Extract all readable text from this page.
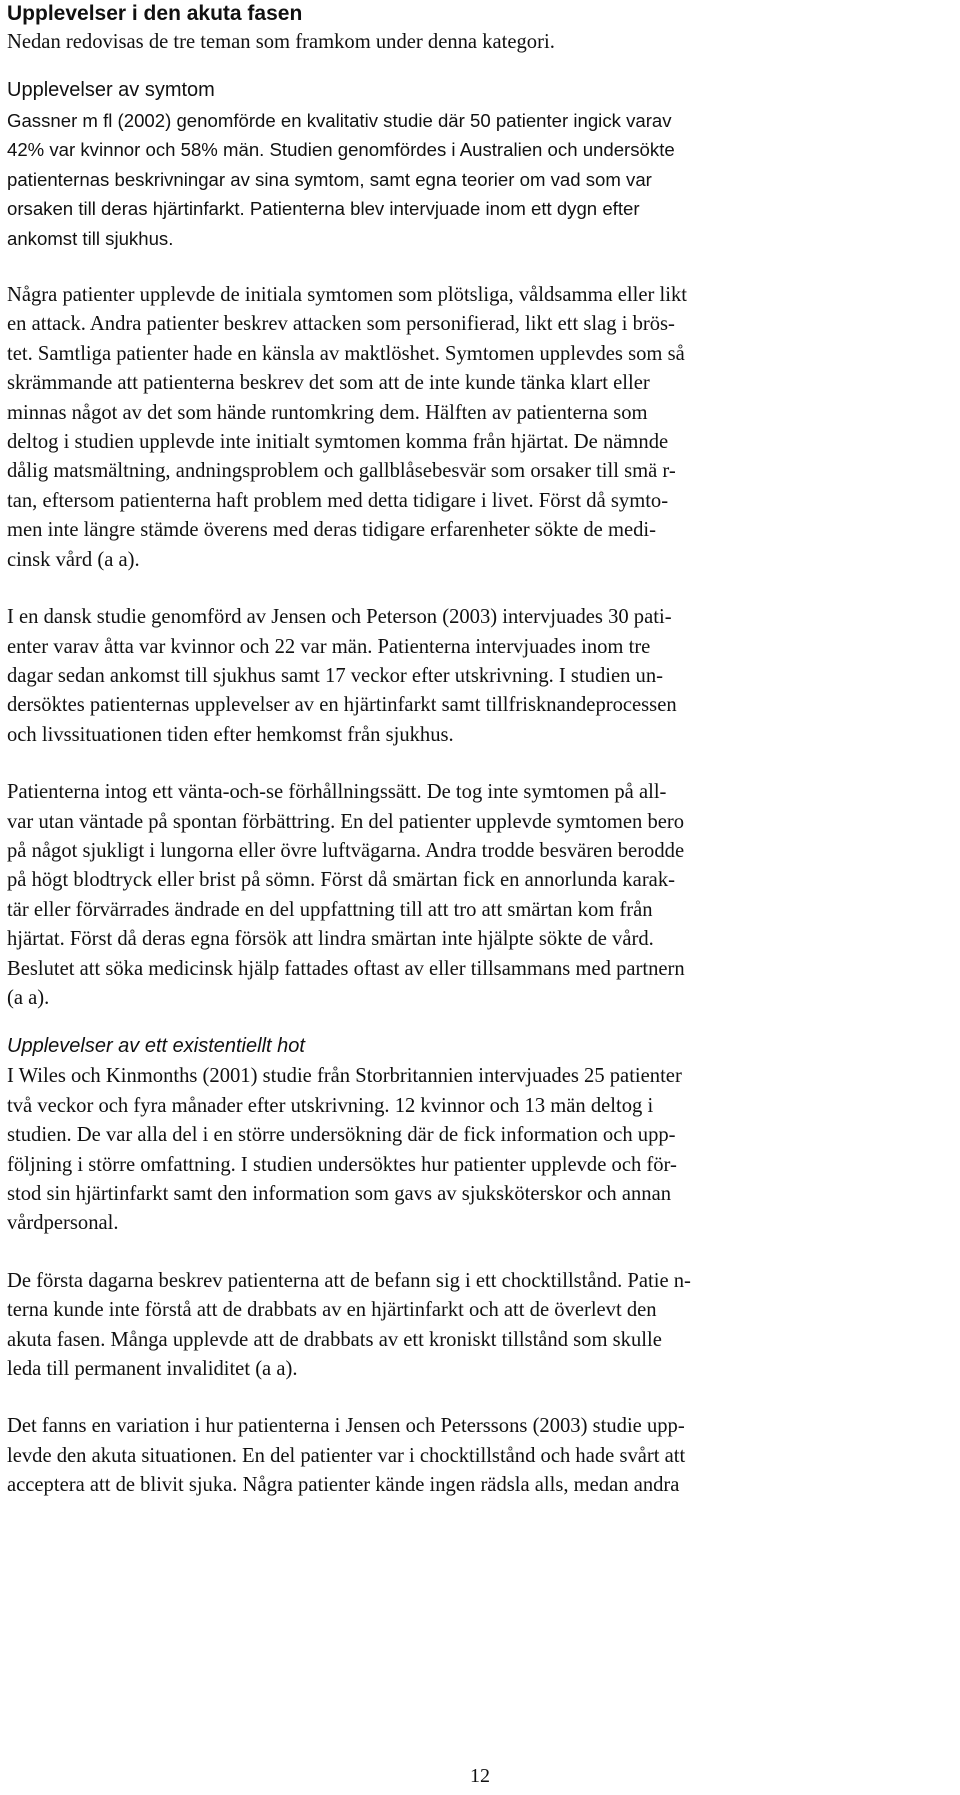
Upplevelser i den akuta fasen
Nedan redovisas de tre teman som framkom under denna kategori.
Upplevelser av symtom
Gassner m fl (2002) genomförde en kvalitativ studie där 50 patienter ingick varav
42% var kvinnor och 58% män. Studien genomfördes i Australien och undersökte
patienternas beskrivningar av sina symtom, samt egna teorier om vad som var
orsaken till deras hjärtinfarkt. Patienterna blev intervjuade inom ett dygn efter
ankomst till sjukhus.
Några patienter upplevde de initiala symtomen som plötsliga, våldsamma eller likt
en attack. Andra patienter beskrev attacken som personifierad, likt ett slag i brös-
tet. Samtliga patienter hade en känsla av maktlöshet. Symtomen upplevdes som så
skrämmande att patienterna beskrev det som att de inte kunde tänka klart eller
minnas något av det som hände runtomkring dem. Hälften av patienterna som
deltog i studien upplevde inte initialt symtomen komma från hjärtat. De nämnde
dålig matsmältning, andningsproblem och gallblåsebesvär som orsaker till smä r-
tan, eftersom patienterna haft problem med detta tidigare i livet. Först då symto-
men inte längre stämde överens med deras tidigare erfarenheter sökte de medi-
cinsk vård (a a).
I en dansk studie genomförd av Jensen och Peterson (2003) intervjuades 30 pati-
enter varav åtta var kvinnor och 22 var män. Patienterna intervjuades inom tre
dagar sedan ankomst till sjukhus samt 17 veckor efter utskrivning. I studien un-
dersöktes patienternas upplevelser av en hjärtinfarkt samt tillfrisknandeprocessen
och livssituationen tiden efter hemkomst från sjukhus.
Patienterna intog ett vänta-och-se förhållningssätt. De tog inte symtomen på all-
var utan väntade på spontan förbättring. En del patienter upplevde symtomen bero
på något sjukligt i lungorna eller övre luftvägarna. Andra trodde besvären berodde
på högt blodtryck eller brist på sömn. Först då smärtan fick en annorlunda karak-
tär eller förvärrades ändrade en del uppfattning till att tro att smärtan kom från
hjärtat. Först då deras egna försök att lindra smärtan inte hjälpte sökte de vård.
Beslutet att söka medicinsk hjälp fattades oftast av eller tillsammans med partnern
(a a).
Upplevelser av ett existentiellt hot
I Wiles och Kinmonths (2001) studie från Storbritannien intervjuades 25 patienter
två veckor och fyra månader efter utskrivning. 12 kvinnor och 13 män deltog i
studien. De var alla del i en större undersökning där de fick information och upp-
följning i större omfattning. I studien undersöktes hur patienter upplevde och för-
stod sin hjärtinfarkt samt den information som gavs av sjuksköterskor och annan
vårdpersonal.
De första dagarna beskrev patienterna att de befann sig i ett chocktillstånd. Patie n-
terna kunde inte förstå att de drabbats av en hjärtinfarkt och att de överlevt den
akuta fasen. Många upplevde att de drabbats av ett kroniskt tillstånd som skulle
leda till permanent invaliditet (a a).
Det fanns en variation i hur patienterna i Jensen och Peterssons (2003) studie upp-
levde den akuta situationen. En del patienter var i chocktillstånd och hade svårt att
acceptera att de blivit sjuka. Några patienter kände ingen rädsla alls, medan andra
12
